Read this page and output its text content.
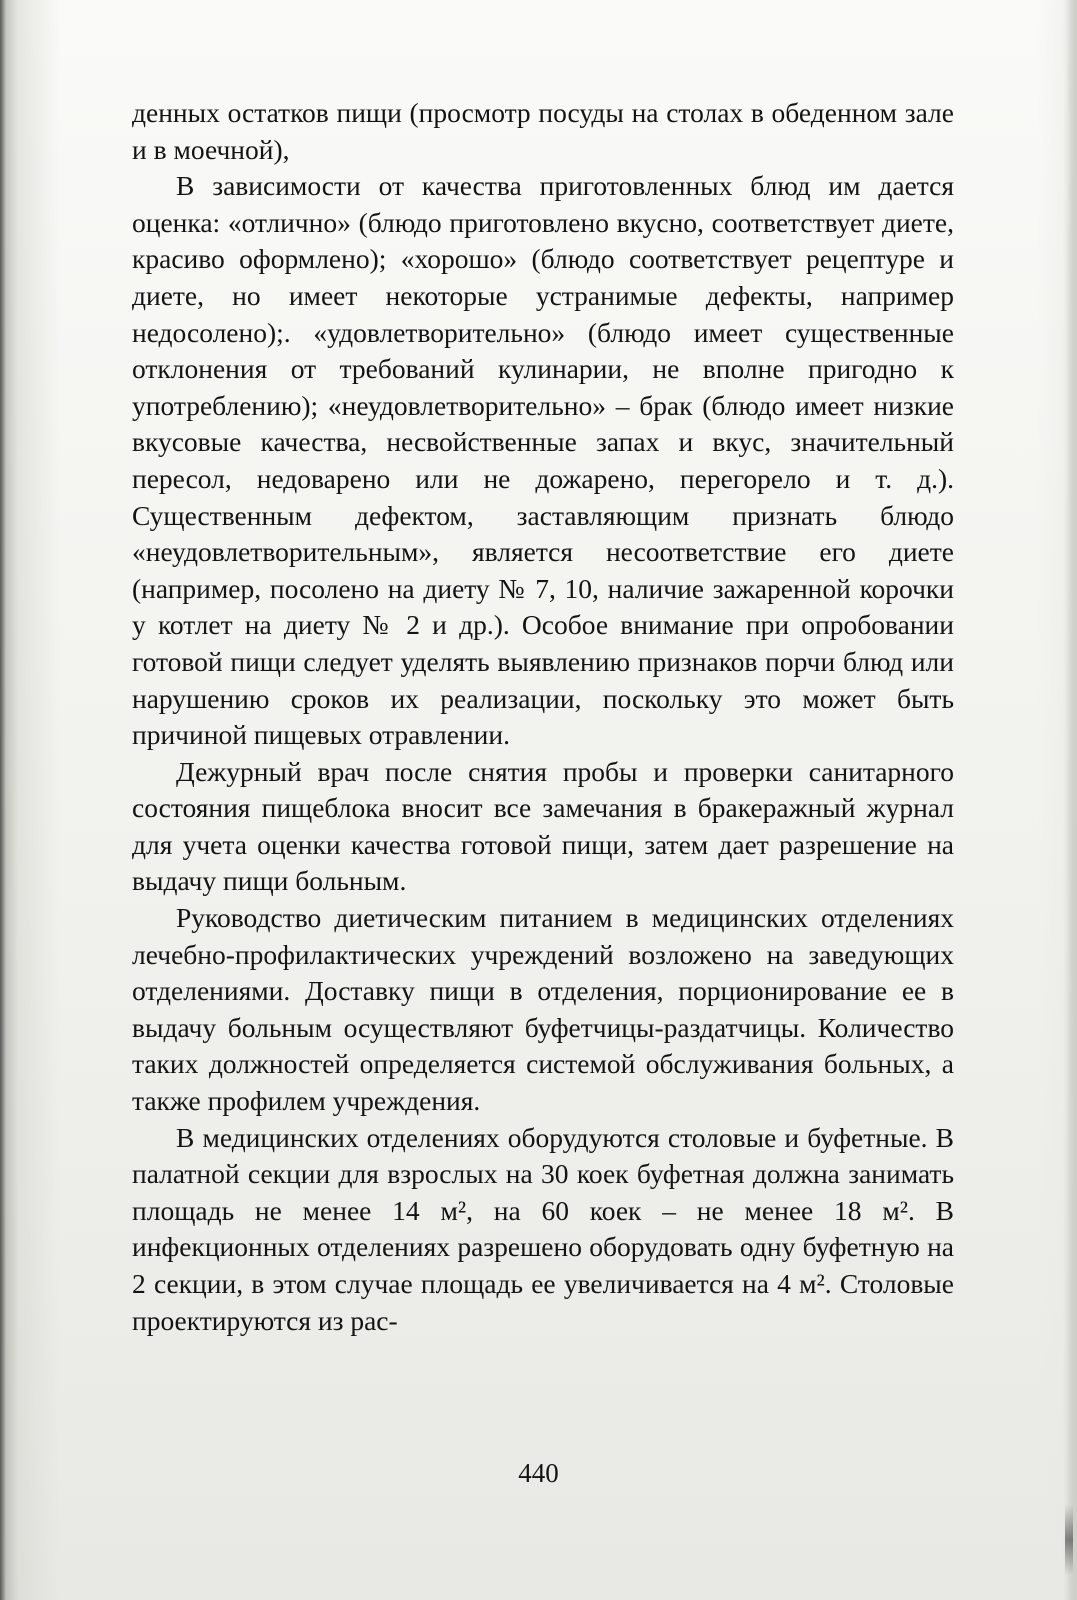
денных остатков пищи (просмотр посуды на столах в обеденном зале и в моечной),

В зависимости от качества приготовленных блюд им дается оценка: «отлично» (блюдо приготовлено вкусно, соответствует диете, красиво оформлено); «хорошо» (блюдо соответствует рецептуре и диете, но имеет некоторые устранимые дефекты, например недосолено);. «удовлетворительно» (блюдо имеет существенные отклонения от требований кулинарии, не вполне пригодно к употреблению); «неудовлетворительно» – брак (блюдо имеет низкие вкусовые качества, несвойственные запах и вкус, значительный пересол, недоварено или не дожарено, перегорело и т. д.). Существенным дефектом, заставляющим признать блюдо «неудовлетворительным», является несоответствие его диете (например, посолено на диету № 7, 10, наличие зажаренной корочки у котлет на диету № 2 и др.). Особое внимание при опробовании готовой пищи следует уделять выявлению признаков порчи блюд или нарушению сроков их реализации, поскольку это может быть причиной пищевых отравлении.

Дежурный врач после снятия пробы и проверки санитарного состояния пищеблока вносит все замечания в бракеражный журнал для учета оценки качества готовой пищи, затем дает разрешение на выдачу пищи больным.

Руководство диетическим питанием в медицинских отделениях лечебно-профилактических учреждений возложено на заведующих отделениями. Доставку пищи в отделения, порционирование ее в выдачу больным осуществляют буфетчицы-раздатчицы. Количество таких должностей определяется системой обслуживания больных, а также профилем учреждения.

В медицинских отделениях оборудуются столовые и буфетные. В палатной секции для взрослых на 30 коек буфетная должна занимать площадь не менее 14 м², на 60 коек – не менее 18 м². В инфекционных отделениях разрешено оборудовать одну буфетную на 2 секции, в этом случае площадь ее увеличивается на 4 м². Столовые проектируются из рас-

440
